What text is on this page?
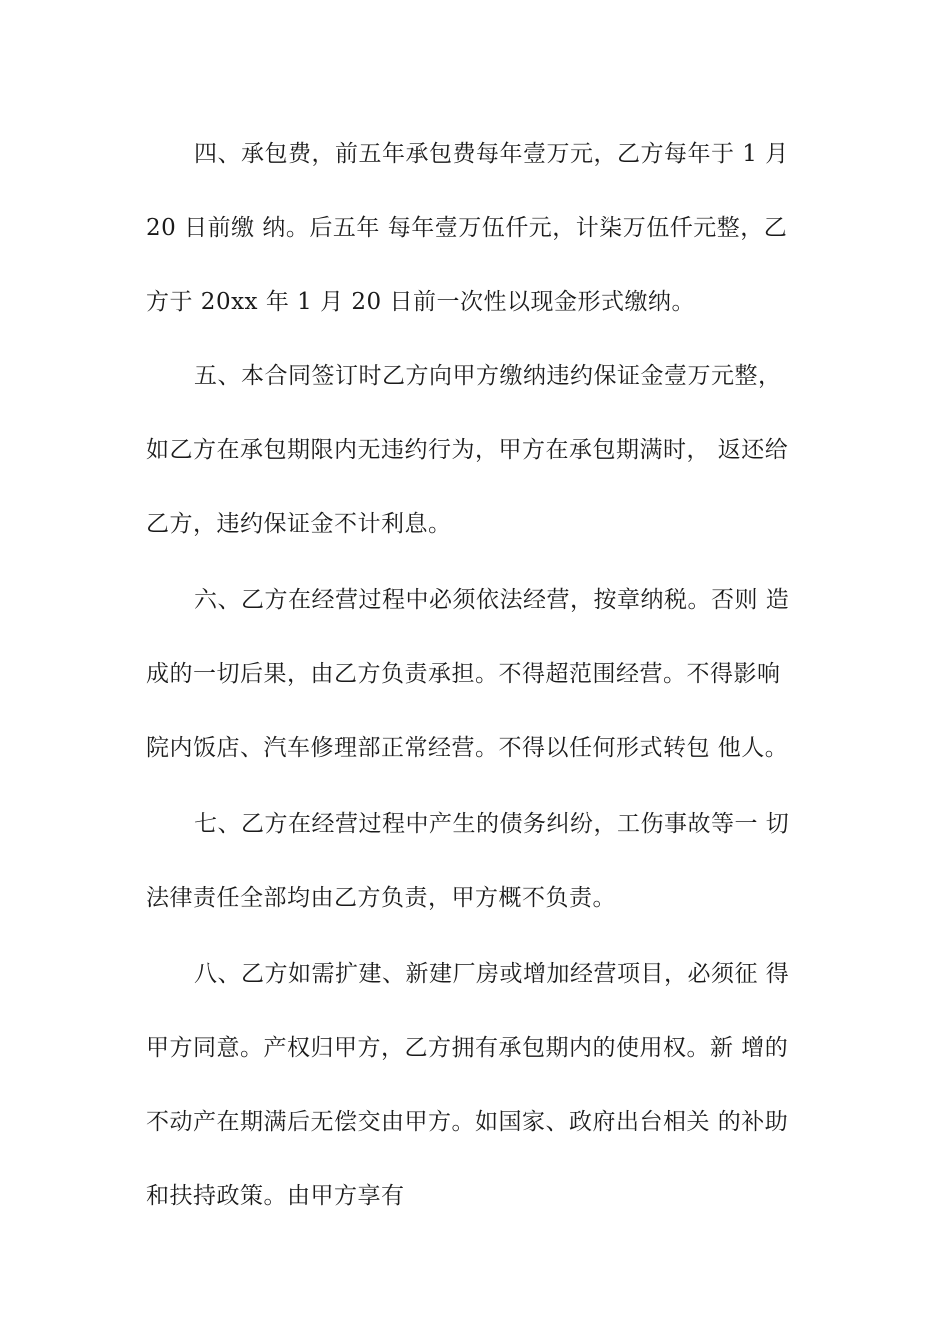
四、承包费，前五年承包费每年壹万元，乙方每年于 1 月
20 日前缴 纳。后五年 每年壹万伍仟元，计柒万伍仟元整，乙
方于 20xx 年 1 月 20 日前一次性以现金形式缴纳。
五、本合同签订时乙方向甲方缴纳违约保证金壹万元整，
如乙方在承包期限内无违约行为，甲方在承包期满时， 返还给
乙方，违约保证金不计利息。
六、乙方在经营过程中必须依法经营，按章纳税。否则 造
成的一切后果，由乙方负责承担。不得超范围经营。不得影响
院内饭店、汽车修理部正常经营。不得以任何形式转包 他人。
七、乙方在经营过程中产生的债务纠纷，工伤事故等一 切
法律责任全部均由乙方负责，甲方概不负责。
八、乙方如需扩建、新建厂房或增加经营项目，必须征 得
甲方同意。产权归甲方，乙方拥有承包期内的使用权。新 增的
不动产在期满后无偿交由甲方。如国家、政府出台相关 的补助
和扶持政策。由甲方享有
